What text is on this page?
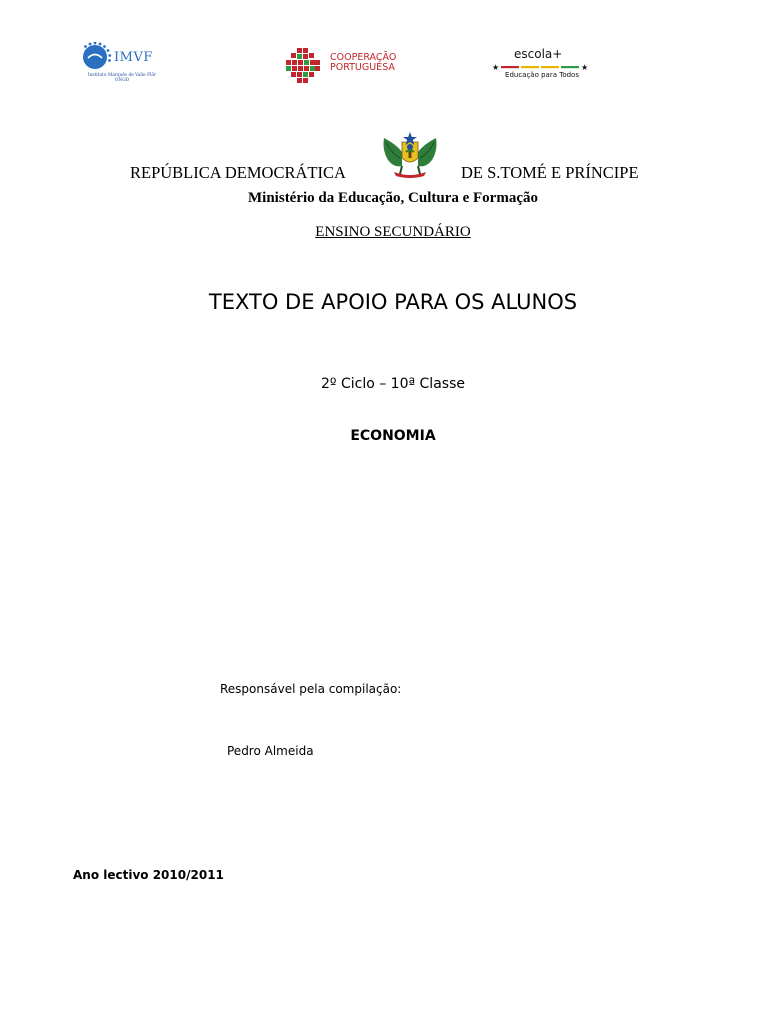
IMVF
Instituto Marquês de Valle Flôr
ONGD
COOPERAÇÃO
PORTUGUESA
escola+
★	★
Educação para Todos
REPÚBLICA DEMOCRÁTICA	DE S.TOMÉ E PRÍNCIPE
Ministério da Educação, Cultura e Formação
ENSINO SECUNDÁRIO
TEXTO DE APOIO PARA OS ALUNOS
2º Ciclo – 10ª Classe
ECONOMIA
Responsável pela compilação:
Pedro Almeida
Ano lectivo 2010/2011
